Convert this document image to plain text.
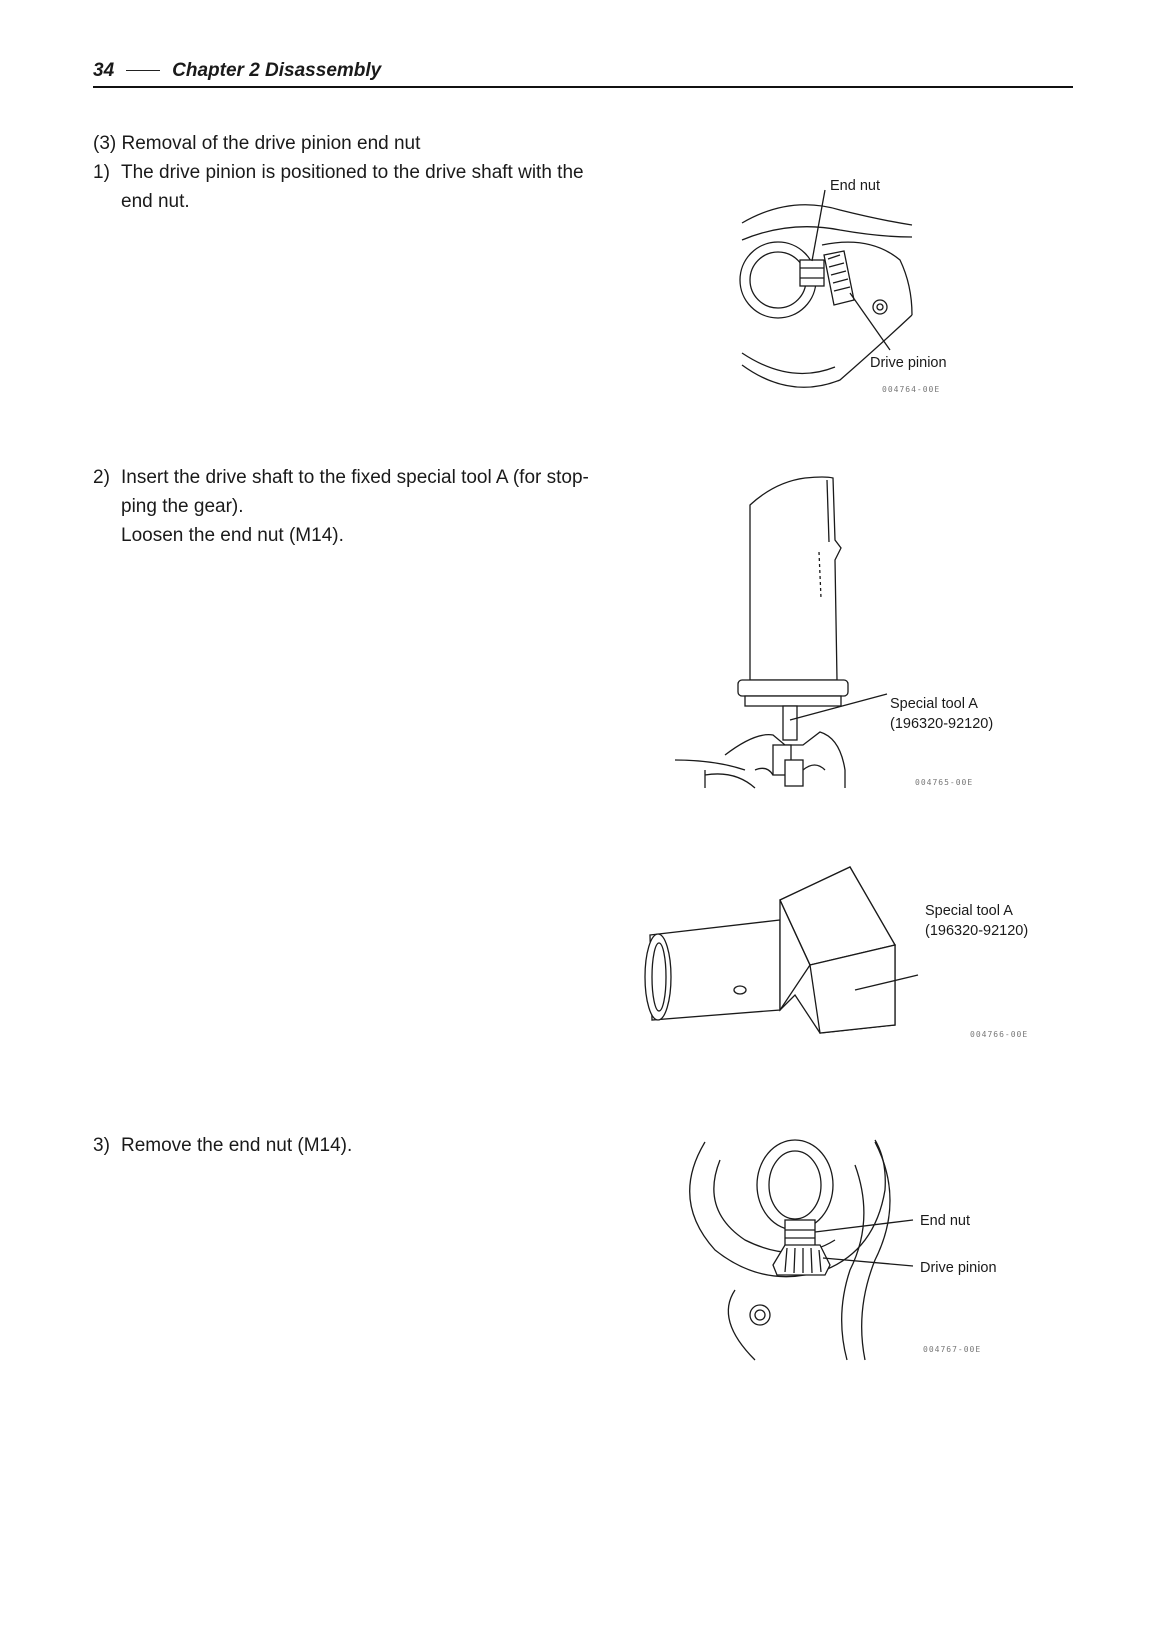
34	Chapter 2 Disassembly
(3) Removal of the drive pinion end nut
1) The drive pinion is positioned to the drive shaft with the
end nut.
2) Insert the drive shaft to the fixed special tool A (for stop-
ping the gear).
Loosen the end nut (M14).
3) Remove the end nut (M14).
End nut
Drive pinion
004764-00E
Special tool A
(196320-92120)
004765-00E
Special tool A
(196320-92120)
004766-00E
End nut
Drive pinion
004767-00E
